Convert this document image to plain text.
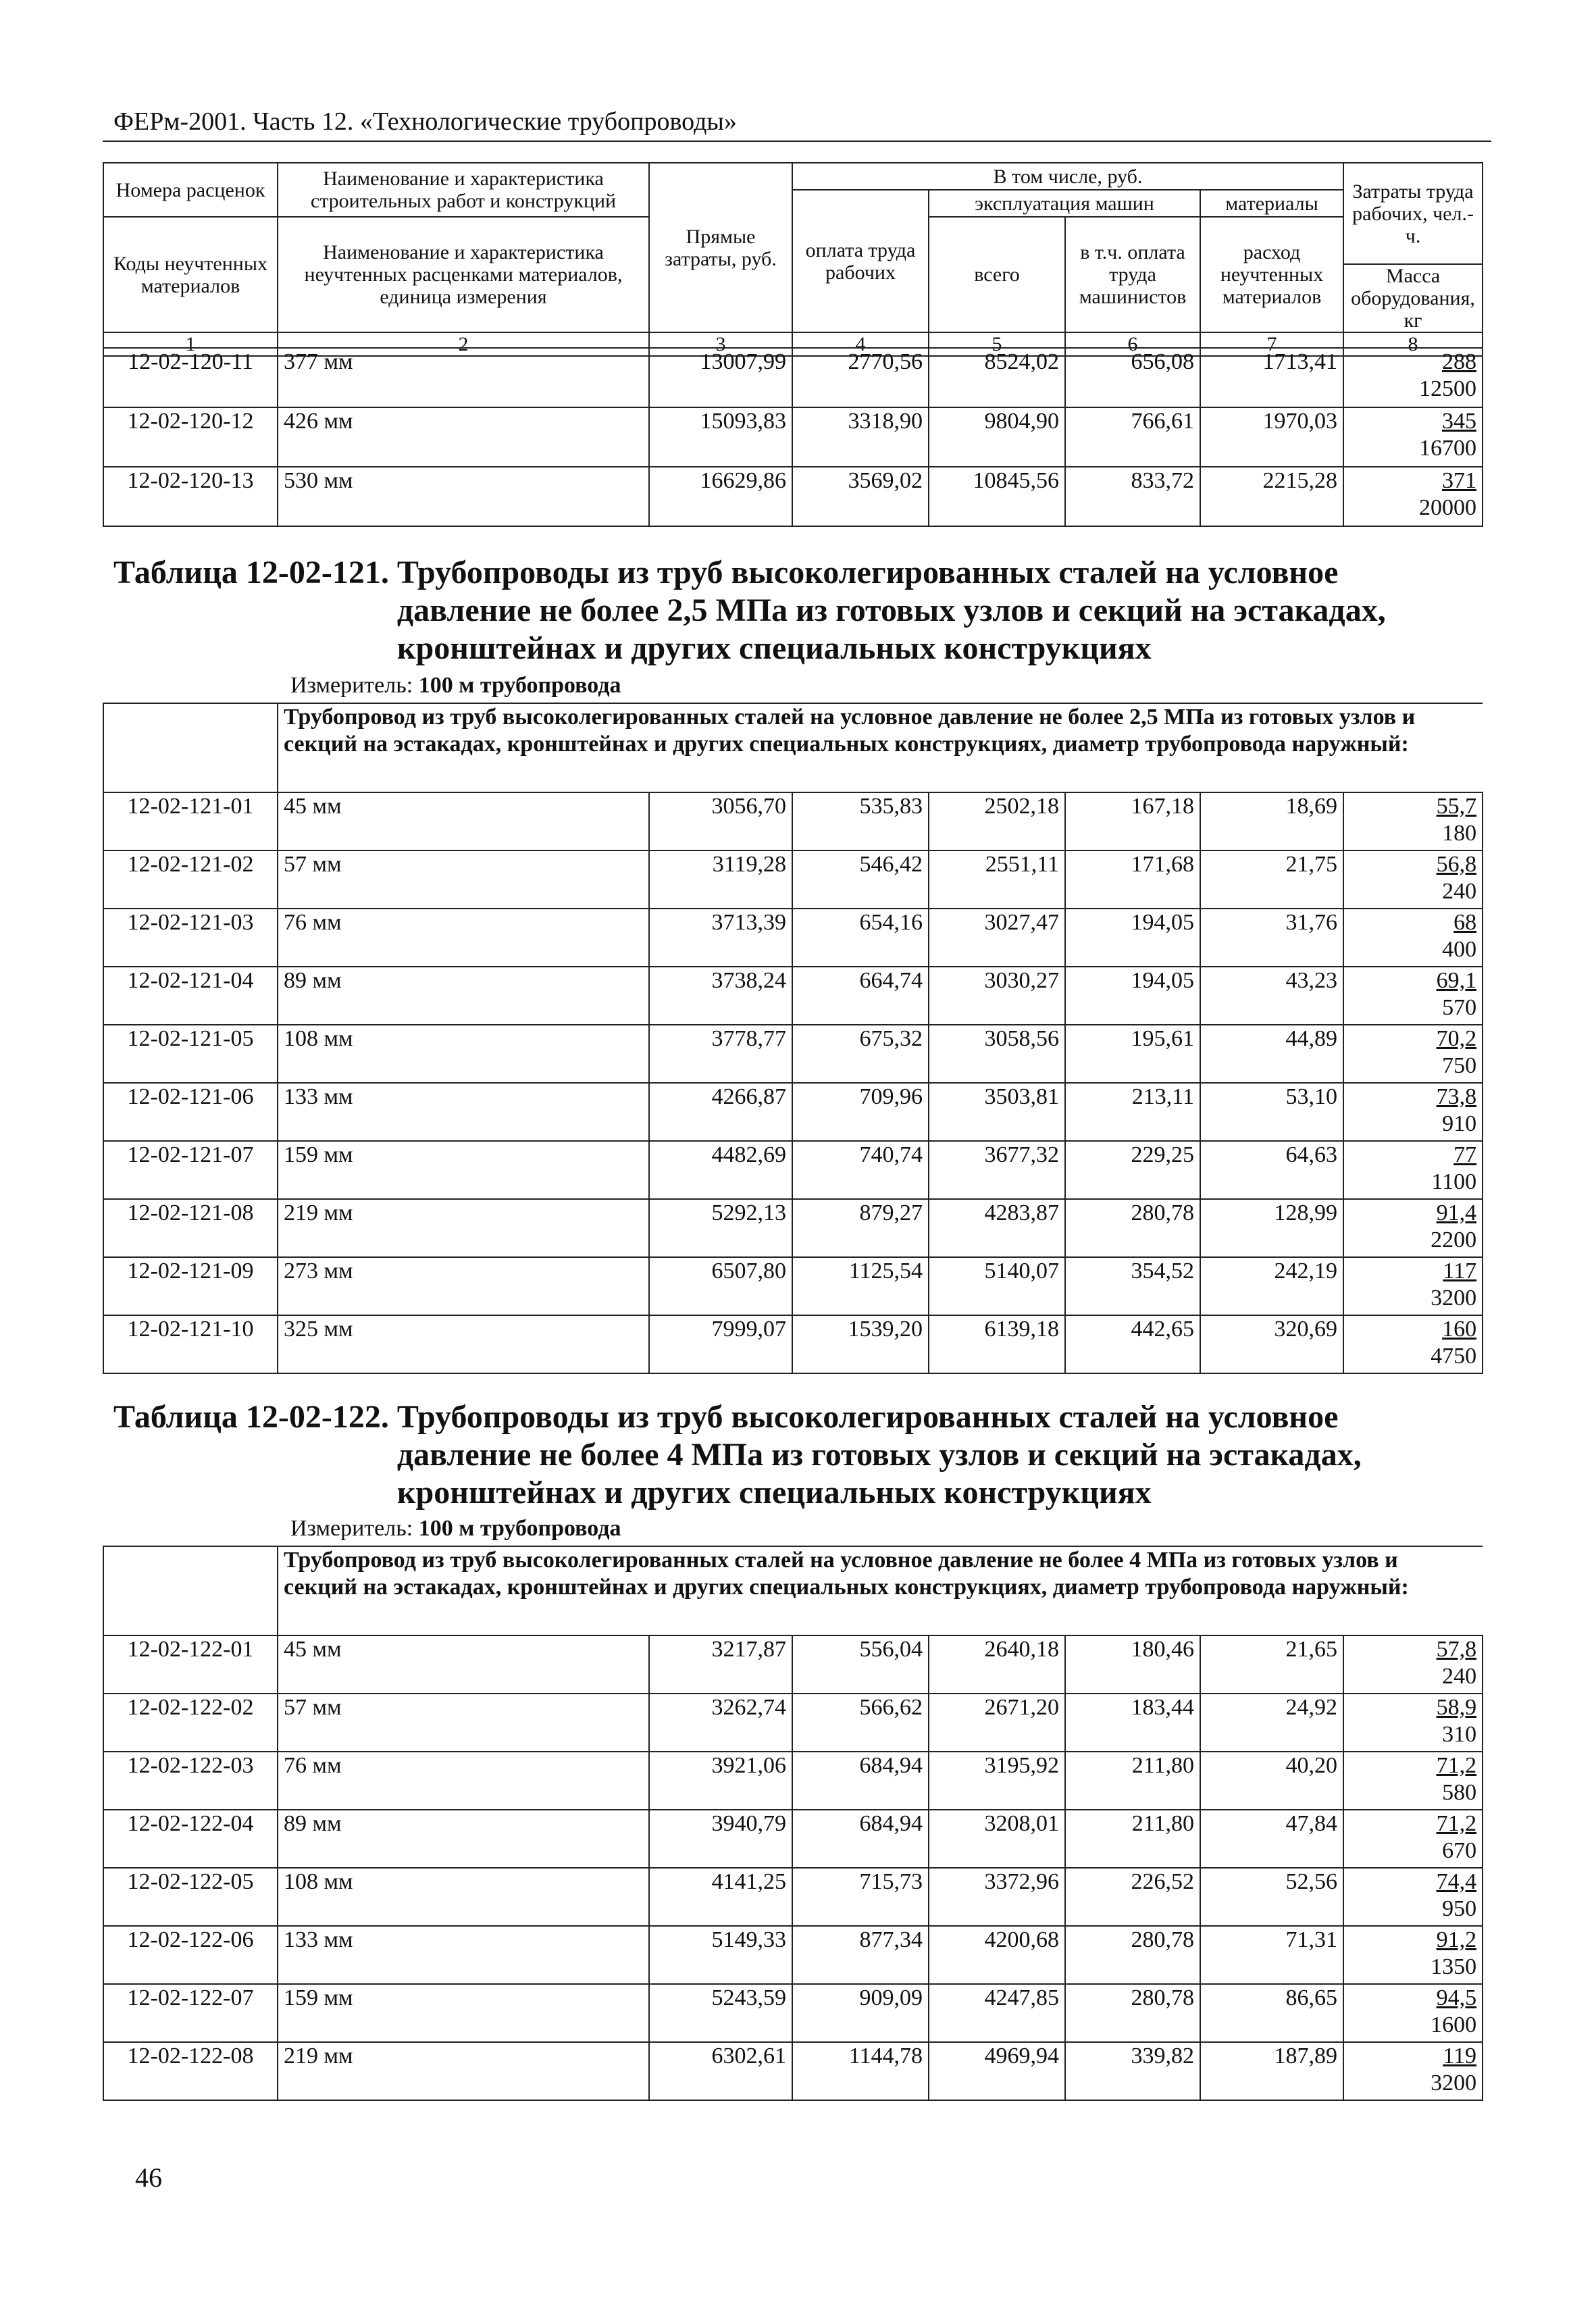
ФЕРм-2001. Часть 12. «Технологические трубопроводы»
Номера расценок	Наименование и характеристика строительных работ и конструкций	Прямые затраты, руб.	В том числе, руб.				Затраты труда рабочих, чел.-ч.
			оплата труда рабочих	эксплуатация машин		материалы	
Коды неучтенных материалов	Наименование и характеристика неучтенных расценками материалов, единица измерения			всего	в т.ч. оплата труда машинистов	расход неучтенных материалов	
							Масса оборудования, кг
1	2	3	4	5	6	7	8
12-02-120-11	377 мм	13007,99	2770,56	8524,02	656,08	1713,41	288
12500

12-02-120-12	426 мм	15093,83	3318,90	9804,90	766,61	1970,03	345
16700

12-02-120-13	530 мм	16629,86	3569,02	10845,56	833,72	2215,28	371
20000
Таблица 12-02-121. Трубопроводы из труб высоколегированных сталей на условное
давление не более 2,5 МПа из готовых узлов и секций на эстакадах,
кронштейнах и других специальных конструкциях
Измеритель: 100 м трубопровода
	Трубопровод из труб высоколегированных сталей на условное давление не более 2,5 МПа из готовых узлов и секций на эстакадах, кронштейнах и других специальных конструкциях, диаметр трубопровода наружный:						
12-02-121-01	45 мм	3056,70	535,83	2502,18	167,18	18,69	55,7
180

12-02-121-02	57 мм	3119,28	546,42	2551,11	171,68	21,75	56,8
240

12-02-121-03	76 мм	3713,39	654,16	3027,47	194,05	31,76	68
400

12-02-121-04	89 мм	3738,24	664,74	3030,27	194,05	43,23	69,1
570

12-02-121-05	108 мм	3778,77	675,32	3058,56	195,61	44,89	70,2
750

12-02-121-06	133 мм	4266,87	709,96	3503,81	213,11	53,10	73,8
910

12-02-121-07	159 мм	4482,69	740,74	3677,32	229,25	64,63	77
1100

12-02-121-08	219 мм	5292,13	879,27	4283,87	280,78	128,99	91,4
2200

12-02-121-09	273 мм	6507,80	1125,54	5140,07	354,52	242,19	117
3200

12-02-121-10	325 мм	7999,07	1539,20	6139,18	442,65	320,69	160
4750
Таблица 12-02-122. Трубопроводы из труб высоколегированных сталей на условное
давление не более 4 МПа из готовых узлов и секций на эстакадах,
кронштейнах и других специальных конструкциях
Измеритель: 100 м трубопровода
	Трубопровод из труб высоколегированных сталей на условное давление не более 4 МПа из готовых узлов и секций на эстакадах, кронштейнах и других специальных конструкциях, диаметр трубопровода наружный:						
12-02-122-01	45 мм	3217,87	556,04	2640,18	180,46	21,65	57,8
240

12-02-122-02	57 мм	3262,74	566,62	2671,20	183,44	24,92	58,9
310

12-02-122-03	76 мм	3921,06	684,94	3195,92	211,80	40,20	71,2
580

12-02-122-04	89 мм	3940,79	684,94	3208,01	211,80	47,84	71,2
670

12-02-122-05	108 мм	4141,25	715,73	3372,96	226,52	52,56	74,4
950

12-02-122-06	133 мм	5149,33	877,34	4200,68	280,78	71,31	91,2
1350

12-02-122-07	159 мм	5243,59	909,09	4247,85	280,78	86,65	94,5
1600

12-02-122-08	219 мм	6302,61	1144,78	4969,94	339,82	187,89	119
3200
46
